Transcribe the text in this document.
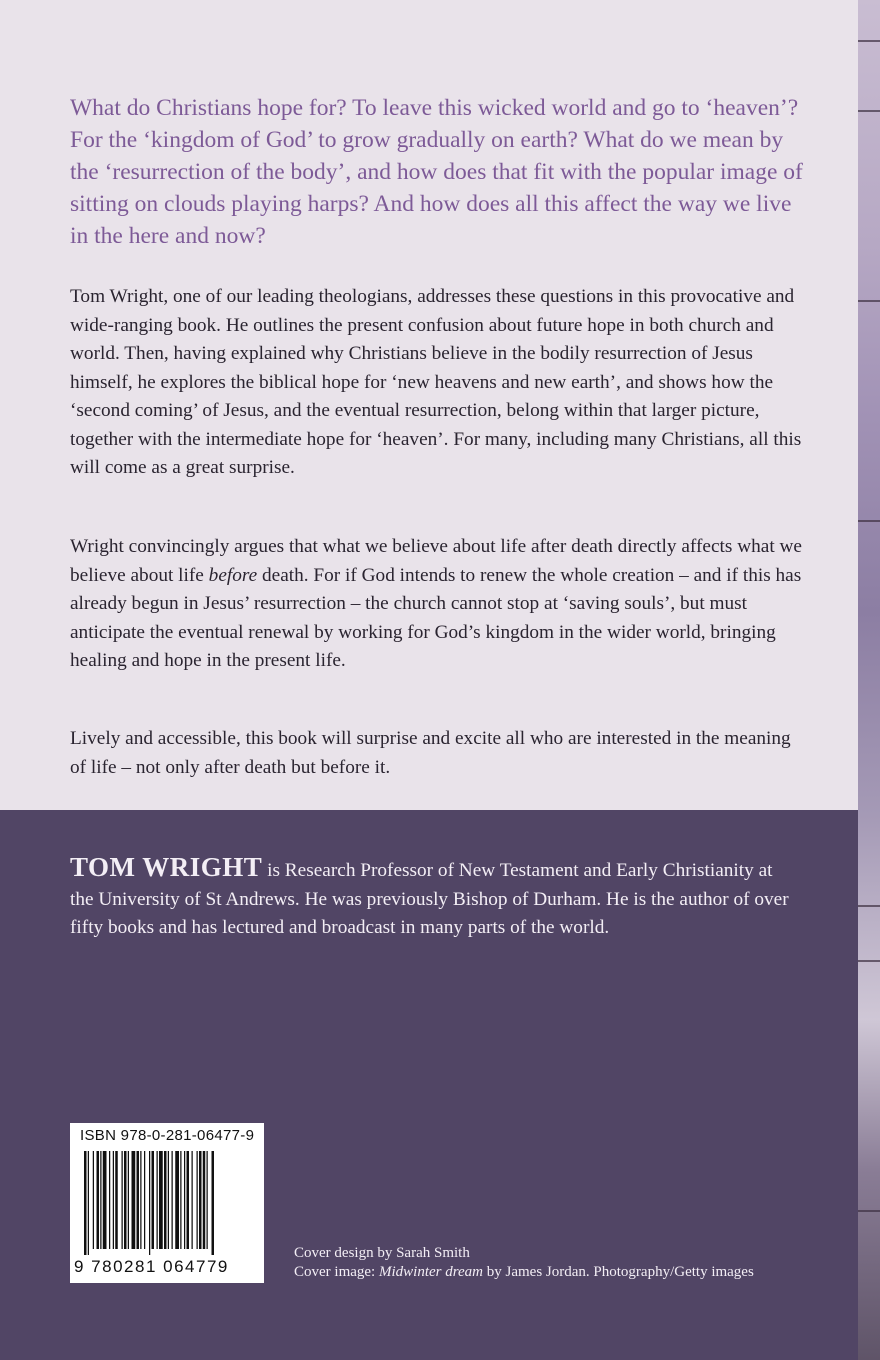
What do Christians hope for? To leave this wicked world and go to ‘heaven’? For the ‘kingdom of God’ to grow gradually on earth? What do we mean by the ‘resurrection of the body’, and how does that fit with the popular image of sitting on clouds playing harps? And how does all this affect the way we live in the here and now?

Tom Wright, one of our leading theologians, addresses these questions in this provocative and wide-ranging book. He outlines the present confusion about future hope in both church and world. Then, having explained why Christians believe in the bodily resurrection of Jesus himself, he explores the biblical hope for ‘new heavens and new earth’, and shows how the ‘second coming’ of Jesus, and the eventual resurrection, belong within that larger picture, together with the intermediate hope for ‘heaven’. For many, including many Christians, all this will come as a great surprise.

Wright convincingly argues that what we believe about life after death directly affects what we believe about life before death. For if God intends to renew the whole creation – and if this has already begun in Jesus’ resurrection – the church cannot stop at ‘saving souls’, but must anticipate the eventual renewal by working for God’s kingdom in the wider world, bringing healing and hope in the present life.

Lively and accessible, this book will surprise and excite all who are interested in the meaning of life – not only after death but before it.

TOM WRIGHT is Research Professor of New Testament and Early Christianity at the University of St Andrews. He was previously Bishop of Durham. He is the author of over fifty books and has lectured and broadcast in many parts of the world.

ISBN 978-0-281-06477-9
9 780281 064779

Cover design by Sarah Smith
Cover image: Midwinter dream by James Jordan. Photography/Getty images
